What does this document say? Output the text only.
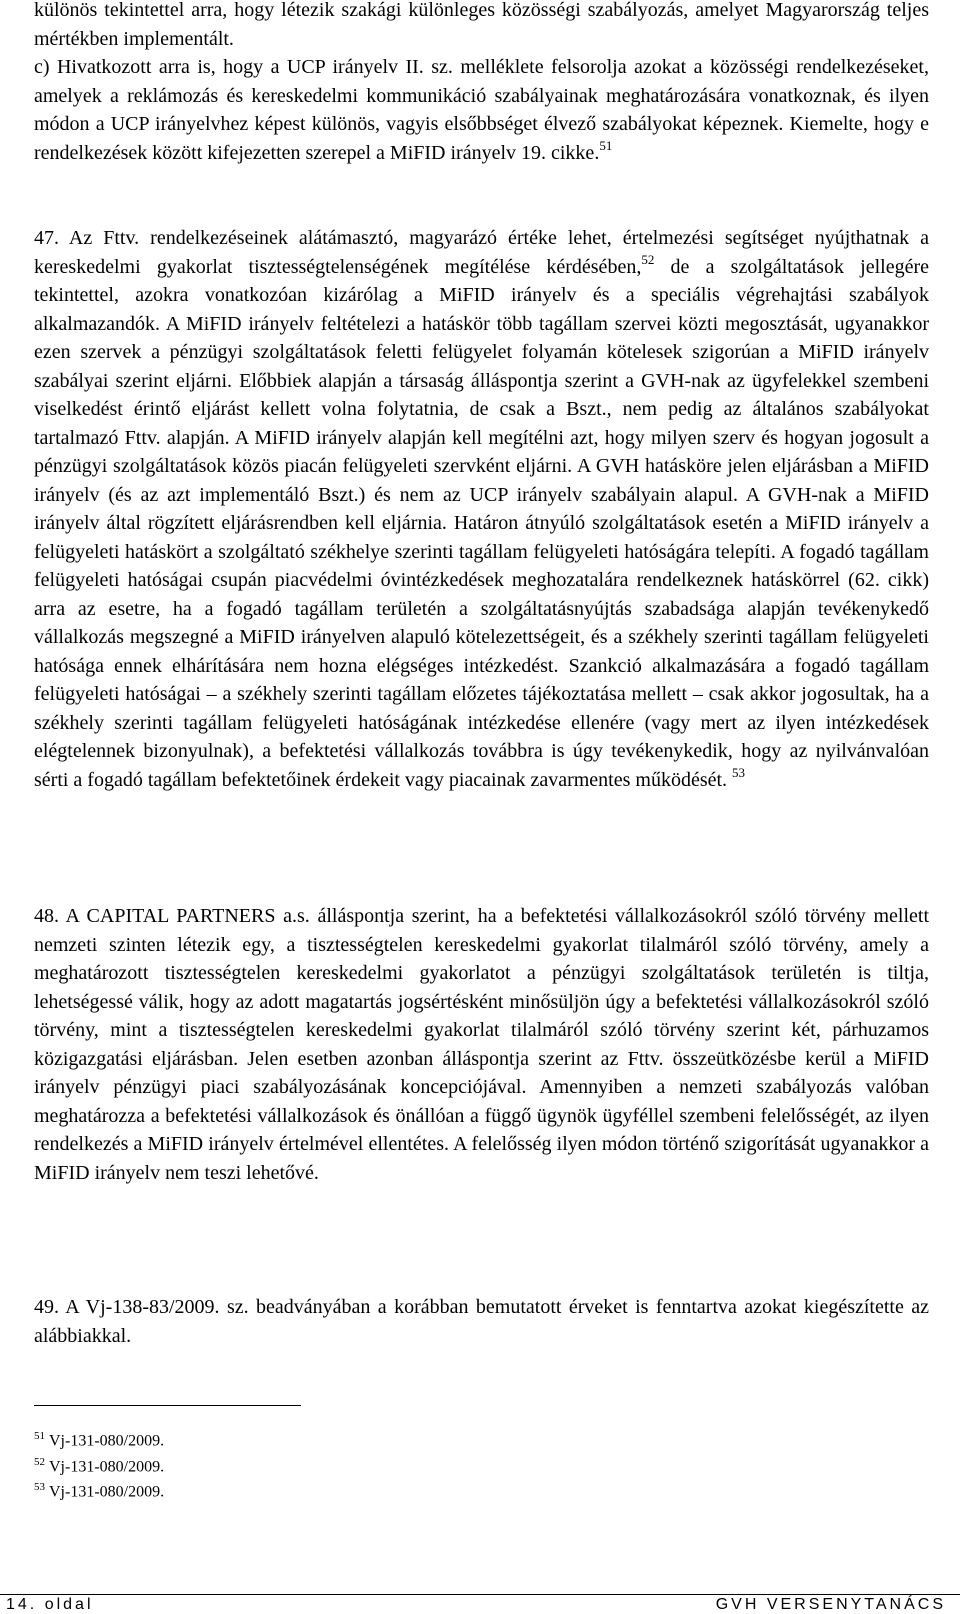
különös tekintettel arra, hogy létezik szakági különleges közösségi szabályozás, amelyet Magyarország teljes mértékben implementált.

c) Hivatkozott arra is, hogy a UCP irányelv II. sz. melléklete felsorolja azokat a közösségi rendelkezéseket, amelyek a reklámozás és kereskedelmi kommunikáció szabályainak meghatározására vonatkoznak, és ilyen módon a UCP irányelvhez képest különös, vagyis elsőbbséget élvező szabályokat képeznek. Kiemelte, hogy e rendelkezések között kifejezetten szerepel a MiFID irányelv 19. cikke.$^{51}$

47. Az Fttv. rendelkezéseinek alátámasztó, magyarázó értéke lehet, értelmezési segítséget nyújthatnak a kereskedelmi gyakorlat tisztességtelenségének megítélése kérdésében,$^{52}$ de a szolgáltatások jellegére tekintettel, azokra vonatkozóan kizárólag a MiFID irányelv és a speciális végrehajtási szabályok alkalmazandók. A MiFID irányelv feltételezi a hatáskör több tagállam szervei közti megosztását, ugyanakkor ezen szervek a pénzügyi szolgáltatások feletti felügyelet folyamán kötelesek szigorúan a MiFID irányelv szabályai szerint eljárni. Előbbiek alapján a társaság álláspontja szerint a GVH-nak az ügyfelekkel szembeni viselkedést érintő eljárást kellett volna folytatnia, de csak a Bszt., nem pedig az általános szabályokat tartalmazó Fttv. alapján. A MiFID irányelv alapján kell megítélni azt, hogy milyen szerv és hogyan jogosult a pénzügyi szolgáltatások közös piacán felügyeleti szervként eljárni. A GVH hatásköre jelen eljárásban a MiFID irányelv (és az azt implementáló Bszt.) és nem az UCP irányelv szabályain alapul. A GVH-nak a MiFID irányelv által rögzített eljárásrendben kell eljárnia. Határon átnyúló szolgáltatások esetén a MiFID irányelv a felügyeleti hatáskört a szolgáltató székhelye szerinti tagállam felügyeleti hatóságára telepíti. A fogadó tagállam felügyeleti hatóságai csupán piacvédelmi óvintézkedések meghozatalára rendelkeznek hatáskörrel (62. cikk) arra az esetre, ha a fogadó tagállam területén a szolgáltatásnyújtás szabadsága alapján tevékenykedő vállalkozás megszegné a MiFID irányelven alapuló kötelezettségeit, és a székhely szerinti tagállam felügyeleti hatósága ennek elhárítására nem hozna elégséges intézkedést. Szankció alkalmazására a fogadó tagállam felügyeleti hatóságai – a székhely szerinti tagállam előzetes tájékoztatása mellett – csak akkor jogosultak, ha a székhely szerinti tagállam felügyeleti hatóságának intézkedése ellenére (vagy mert az ilyen intézkedések elégtelennek bizonyulnak), a befektetési vállalkozás továbbra is úgy tevékenykedik, hogy az nyilvánvalóan sérti a fogadó tagállam befektetőinek érdekeit vagy piacainak zavarmentes működését. $^{53}$

48. A CAPITAL PARTNERS a.s. álláspontja szerint, ha a befektetési vállalkozásokról szóló törvény mellett nemzeti szinten létezik egy, a tisztességtelen kereskedelmi gyakorlat tilalmáról szóló törvény, amely a meghatározott tisztességtelen kereskedelmi gyakorlatot a pénzügyi szolgáltatások területén is tiltja, lehetségessé válik, hogy az adott magatartás jogsértésként minősüljön úgy a befektetési vállalkozásokról szóló törvény, mint a tisztességtelen kereskedelmi gyakorlat tilalmáról szóló törvény szerint két, párhuzamos közigazgatási eljárásban. Jelen esetben azonban álláspontja szerint az Fttv. összeütközésbe kerül a MiFID irányelv pénzügyi piaci szabályozásának koncepciójával. Amennyiben a nemzeti szabályozás valóban meghatározza a befektetési vállalkozások és önállóan a függő ügynök ügyféllel szembeni felelősségét, az ilyen rendelkezés a MiFID irányelv értelmével ellentétes. A felelősség ilyen módon történő szigorítását ugyanakkor a MiFID irányelv nem teszi lehetővé.

49. A Vj-138-83/2009. sz. beadványában a korábban bemutatott érveket is fenntartva azokat kiegészítette az alábbiakkal.

$^{51}$ Vj-131-080/2009.
$^{52}$ Vj-131-080/2009.
$^{53}$ Vj-131-080/2009.
14. oldal	GVH VERSENYTANÁCS
